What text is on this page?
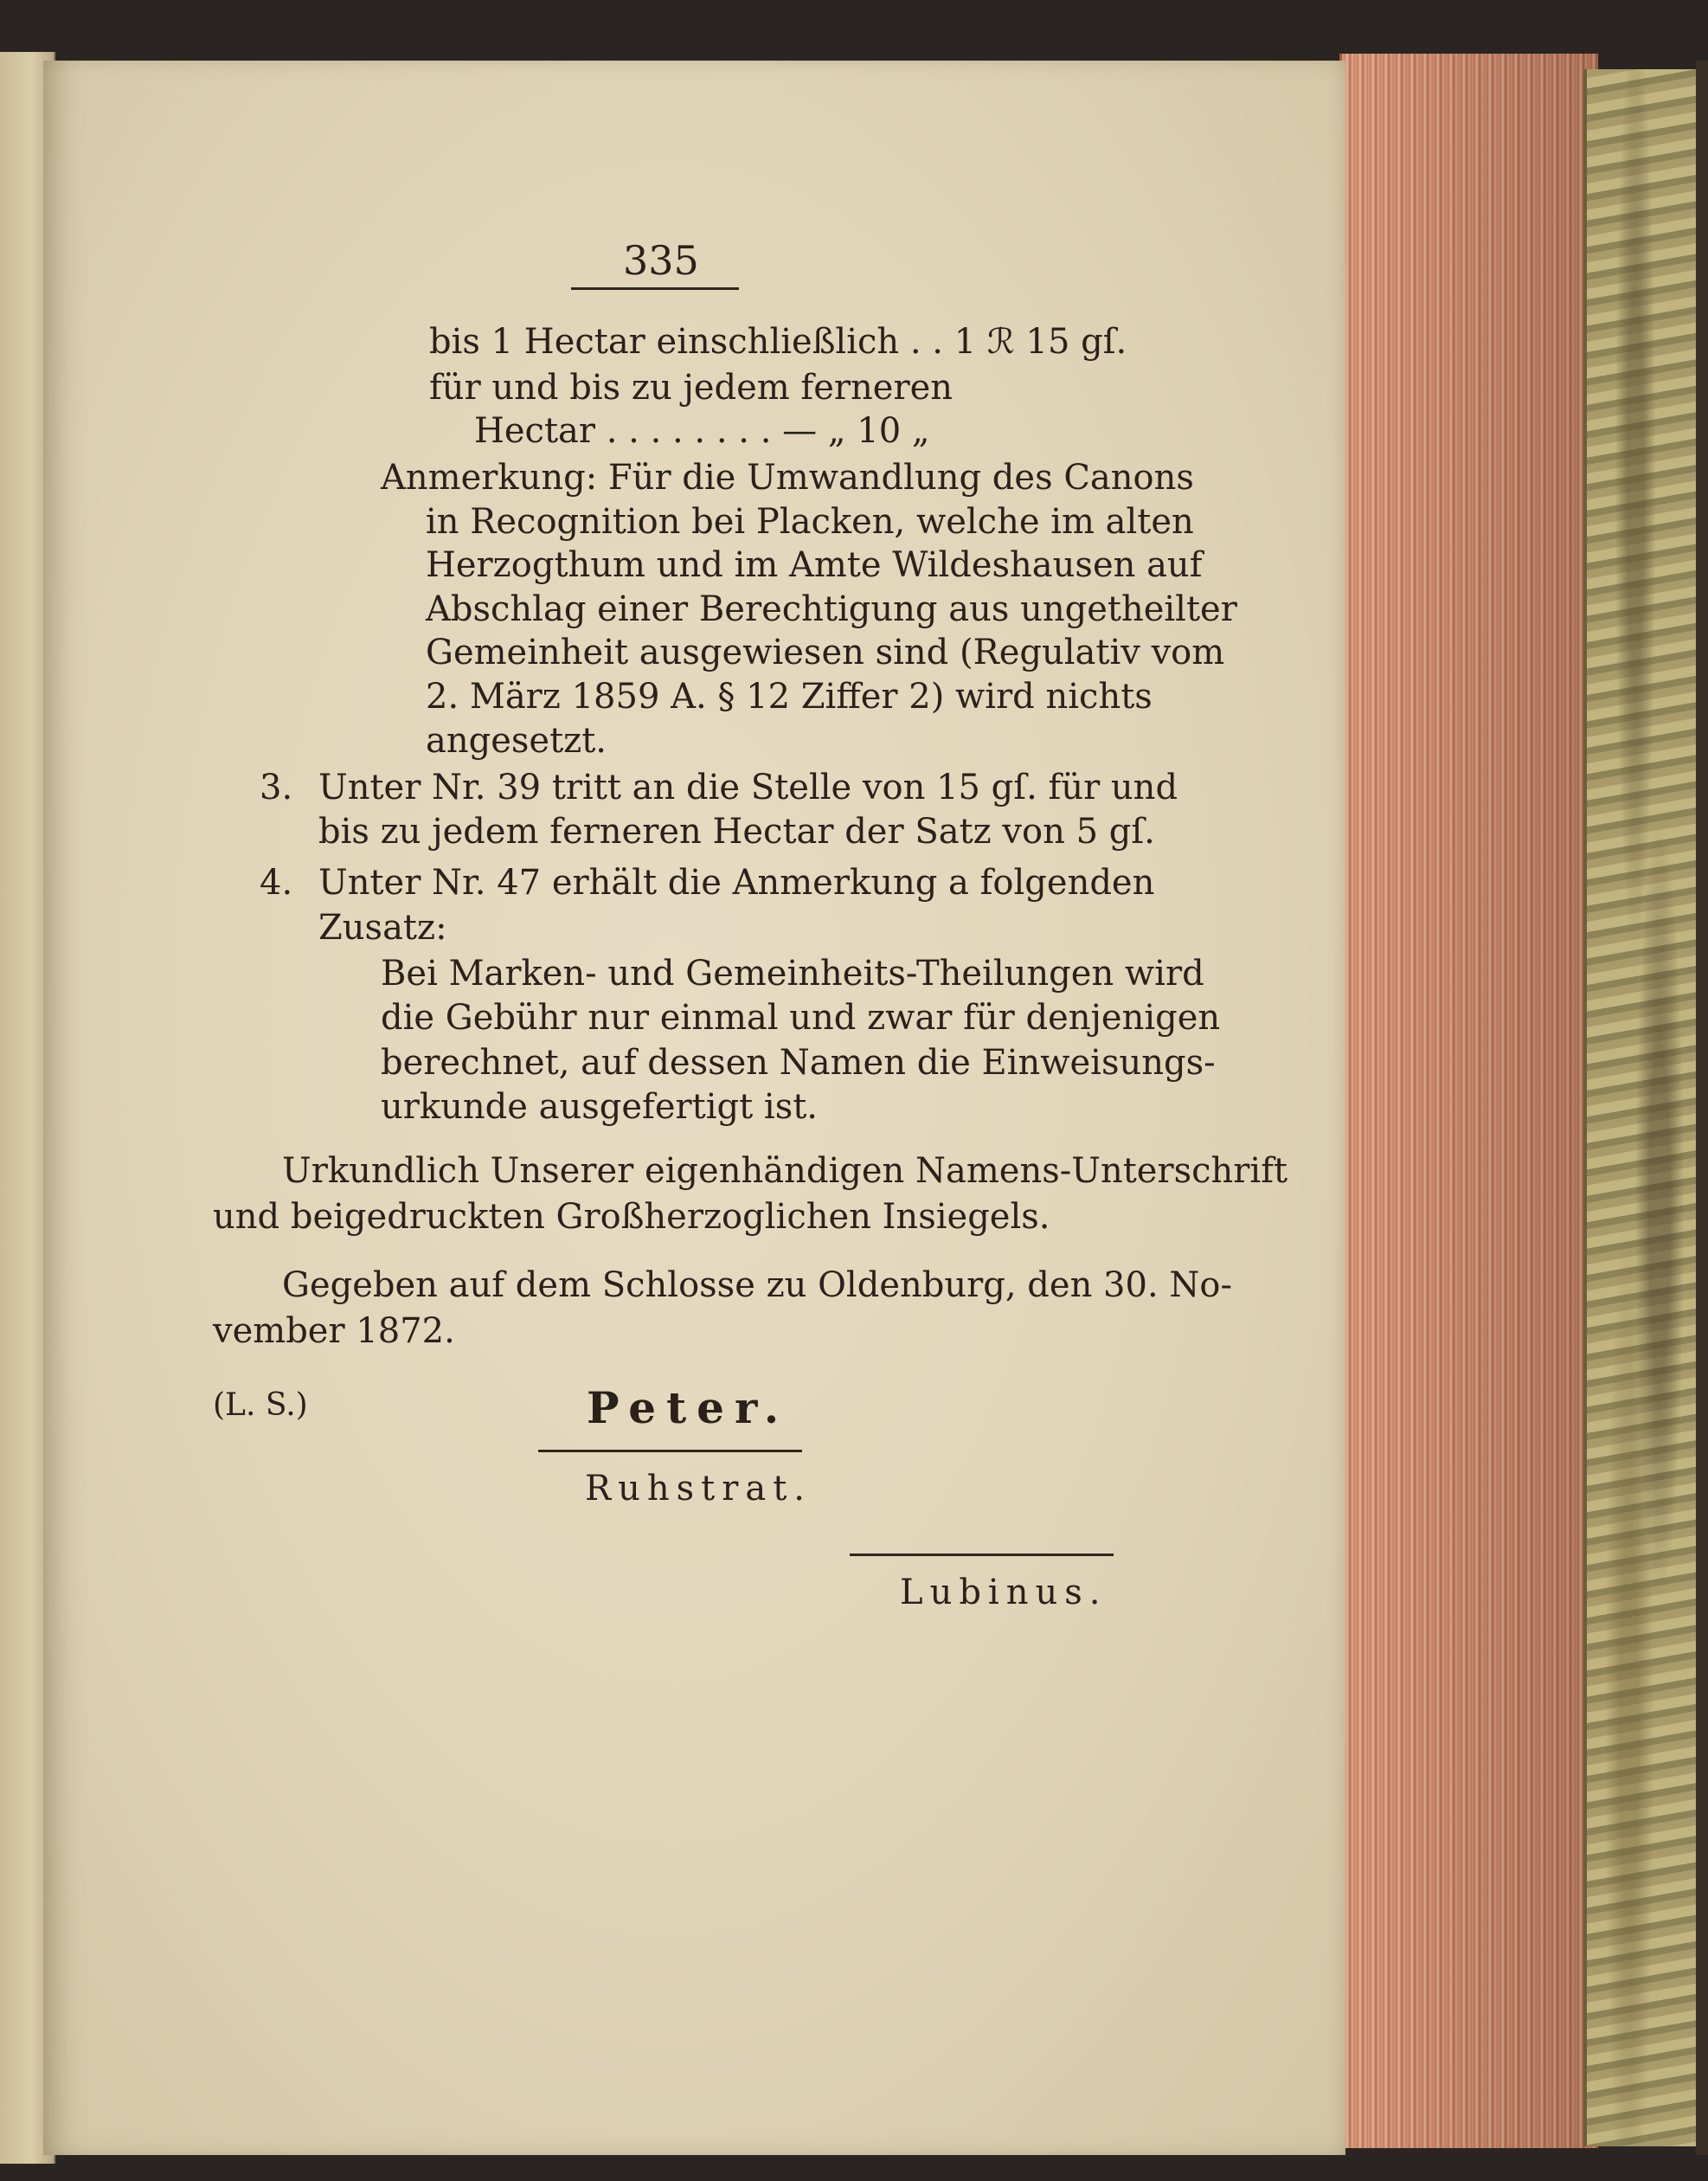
335
bis 1 Hectar einschließlich . . 1 ℛ 15 gſ.
für und bis zu jedem ferneren
Hectar . . . . . . . . — „ 10 „
Anmerkung: Für die Umwandlung des Canons
in Recognition bei Placken, welche im alten
Herzogthum und im Amte Wildeshausen auf
Abschlag einer Berechtigung aus ungetheilter
Gemeinheit ausgewiesen sind (Regulativ vom
2. März 1859 A. § 12 Ziffer 2) wird nichts
angesetzt.
3. Unter Nr. 39 tritt an die Stelle von 15 gſ. für und
bis zu jedem ferneren Hectar der Satz von 5 gſ.
4. Unter Nr. 47 erhält die Anmerkung a folgenden
Zusatz:
Bei Marken- und Gemeinheits-Theilungen wird
die Gebühr nur einmal und zwar für denjenigen
berechnet, auf dessen Namen die Einweisungs-
urkunde ausgefertigt ist.
Urkundlich Unserer eigenhändigen Namens-Unterschrift
und beigedruckten Großherzoglichen Insiegels.
Gegeben auf dem Schlosse zu Oldenburg, den 30. No-
vember 1872.
(L. S.)	Peter.
Ruhstrat.
Lubinus.
